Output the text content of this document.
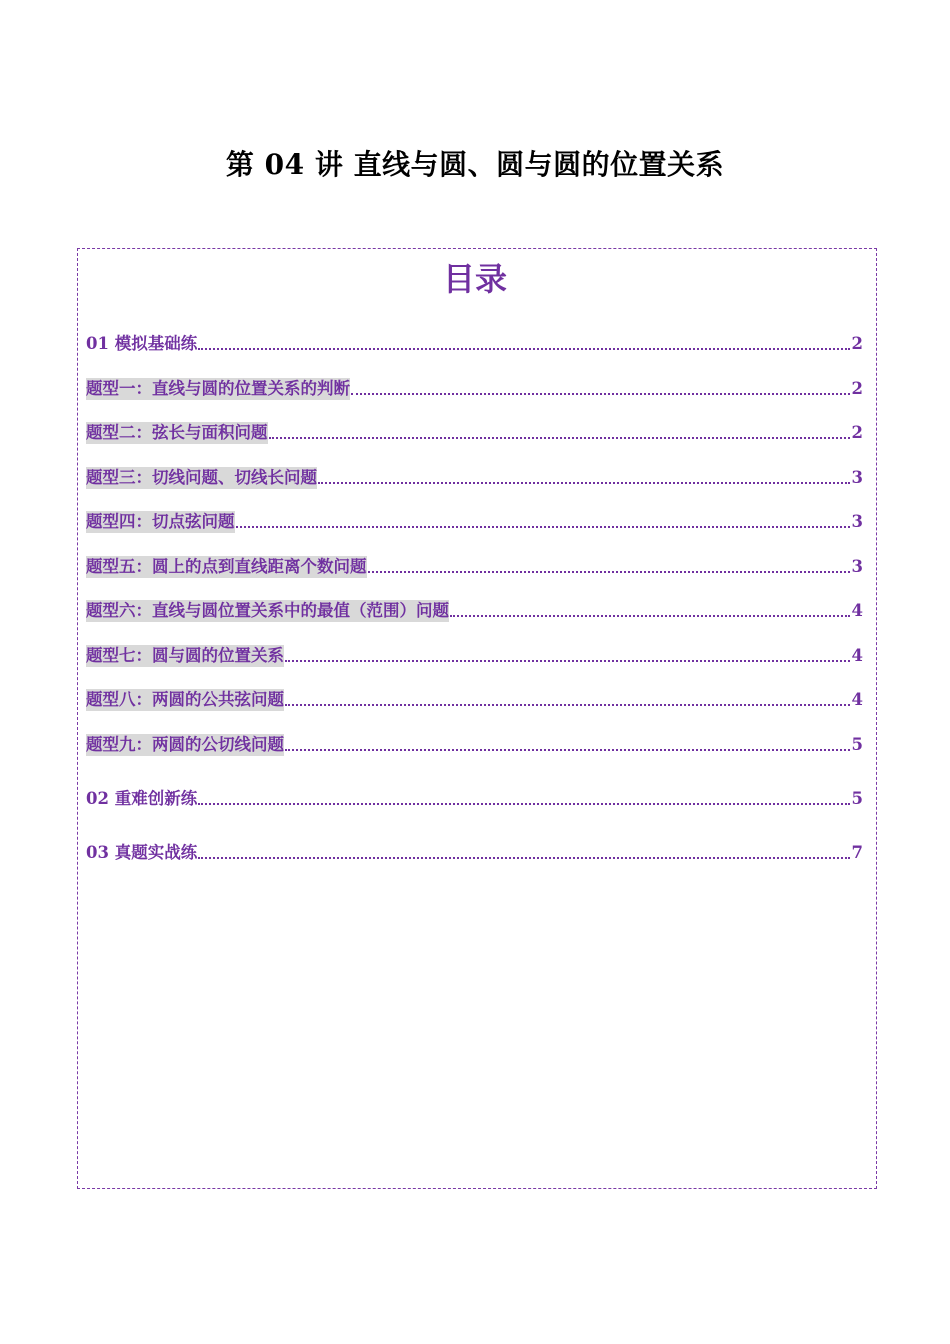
第 04 讲 直线与圆、圆与圆的位置关系
目录
01 模拟基础练	2
题型一：直线与圆的位置关系的判断	2
题型二：弦长与面积问题	2
题型三：切线问题、切线长问题	3
题型四：切点弦问题	3
题型五：圆上的点到直线距离个数问题	3
题型六：直线与圆位置关系中的最值（范围）问题	4
题型七：圆与圆的位置关系	4
题型八：两圆的公共弦问题	4
题型九：两圆的公切线问题	5
02 重难创新练	5
03 真题实战练	7
